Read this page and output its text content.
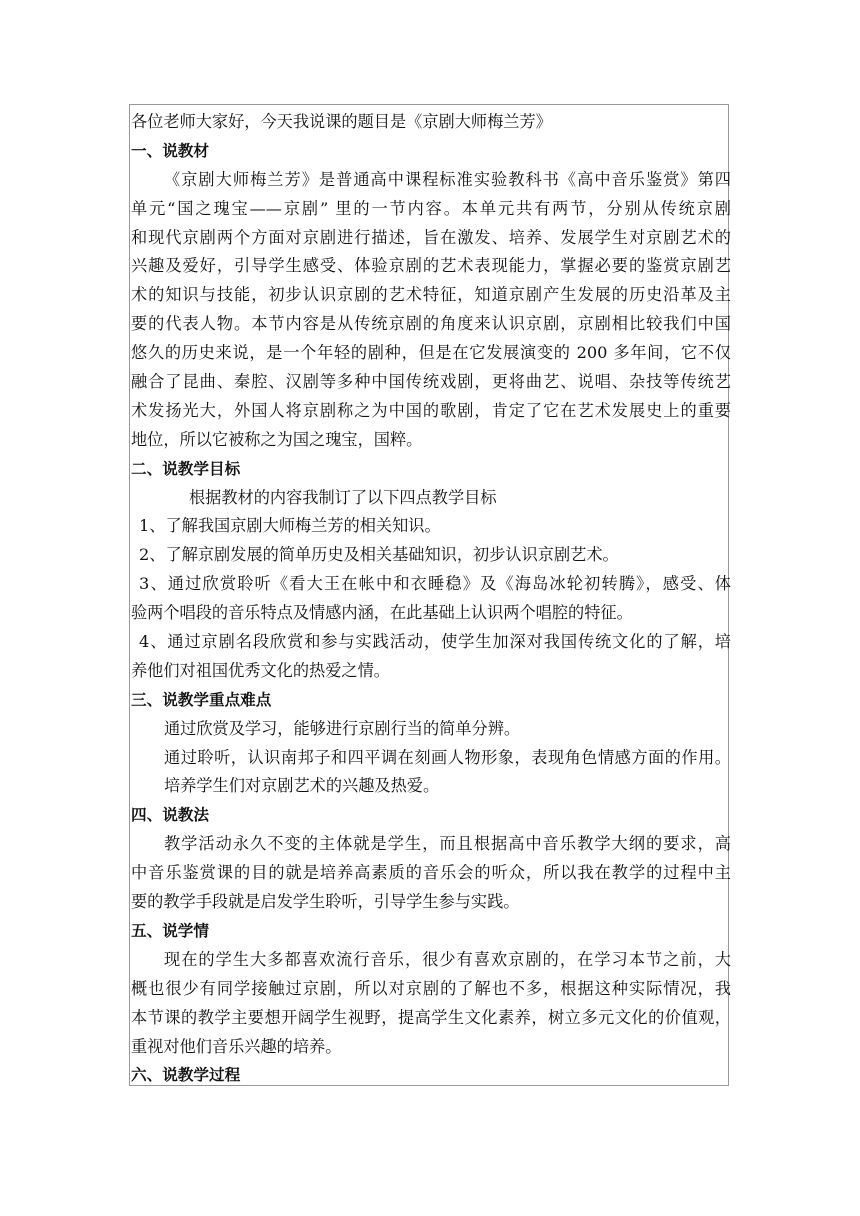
各位老师大家好，今天我说课的题目是《京剧大师梅兰芳》
一、说教材
《京剧大师梅兰芳》是普通高中课程标准实验教科书《高中音乐鉴赏》第四
单元“国之瑰宝——京剧” 里的一节内容。本单元共有两节，分别从传统京剧
和现代京剧两个方面对京剧进行描述，旨在激发、培养、发展学生对京剧艺术的
兴趣及爱好，引导学生感受、体验京剧的艺术表现能力，掌握必要的鉴赏京剧艺
术的知识与技能，初步认识京剧的艺术特征，知道京剧产生发展的历史沿革及主
要的代表人物。本节内容是从传统京剧的角度来认识京剧，京剧相比较我们中国
悠久的历史来说，是一个年轻的剧种，但是在它发展演变的 200 多年间，它不仅
融合了昆曲、秦腔、汉剧等多种中国传统戏剧，更将曲艺、说唱、杂技等传统艺
术发扬光大，外国人将京剧称之为中国的歌剧，肯定了它在艺术发展史上的重要
地位，所以它被称之为国之瑰宝，国粹。
二、说教学目标
根据教材的内容我制订了以下四点教学目标
1、了解我国京剧大师梅兰芳的相关知识。
2、了解京剧发展的简单历史及相关基础知识，初步认识京剧艺术。
3、通过欣赏聆听《看大王在帐中和衣睡稳》及《海岛冰轮初转腾》，感受、体
验两个唱段的音乐特点及情感内涵，在此基础上认识两个唱腔的特征。
4、通过京剧名段欣赏和参与实践活动，使学生加深对我国传统文化的了解，培
养他们对祖国优秀文化的热爱之情。
三、说教学重点难点
通过欣赏及学习，能够进行京剧行当的简单分辨。
通过聆听，认识南邦子和四平调在刻画人物形象，表现角色情感方面的作用。
培养学生们对京剧艺术的兴趣及热爱。
四、说教法
教学活动永久不变的主体就是学生，而且根据高中音乐教学大纲的要求，高
中音乐鉴赏课的目的就是培养高素质的音乐会的听众，所以我在教学的过程中主
要的教学手段就是启发学生聆听，引导学生参与实践。
五、说学情
现在的学生大多都喜欢流行音乐，很少有喜欢京剧的，在学习本节之前，大
概也很少有同学接触过京剧，所以对京剧的了解也不多，根据这种实际情况，我
本节课的教学主要想开阔学生视野，提高学生文化素养，树立多元文化的价值观，
重视对他们音乐兴趣的培养。
六、说教学过程
